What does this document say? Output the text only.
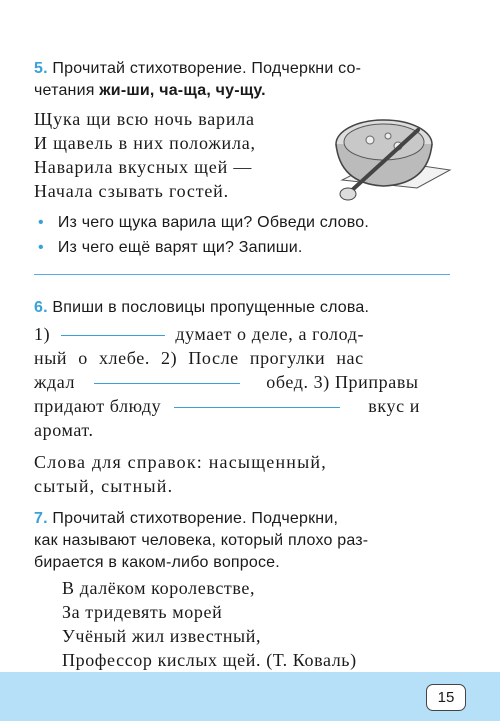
5. Прочитай стихотворение. Подчеркни со-
четания жи-ши, ча-ща, чу-щу.
Щука щи всю ночь варила
И щавель в них положила,
Наварила вкусных щей —
Начала сзывать гостей.
• Из чего щука варила щи? Обведи слово.
• Из чего ещё варят щи? Запиши.
6. Впиши в пословицы пропущенные слова.
1)	думает о деле, а голод-
ный о хлебе. 2) После прогулки нас
ждал	обед. 3) Приправы
придают блюду	вкус и
аромат.
Слова для справок: насыщенный,
сытый, сытный.
7. Прочитай стихотворение. Подчеркни,
как называют человека, который плохо раз-
бирается в каком-либо вопросе.
В далёком королевстве,
За тридевять морей
Учёный жил известный,
Профессор кислых щей. (Т. Коваль)
15
